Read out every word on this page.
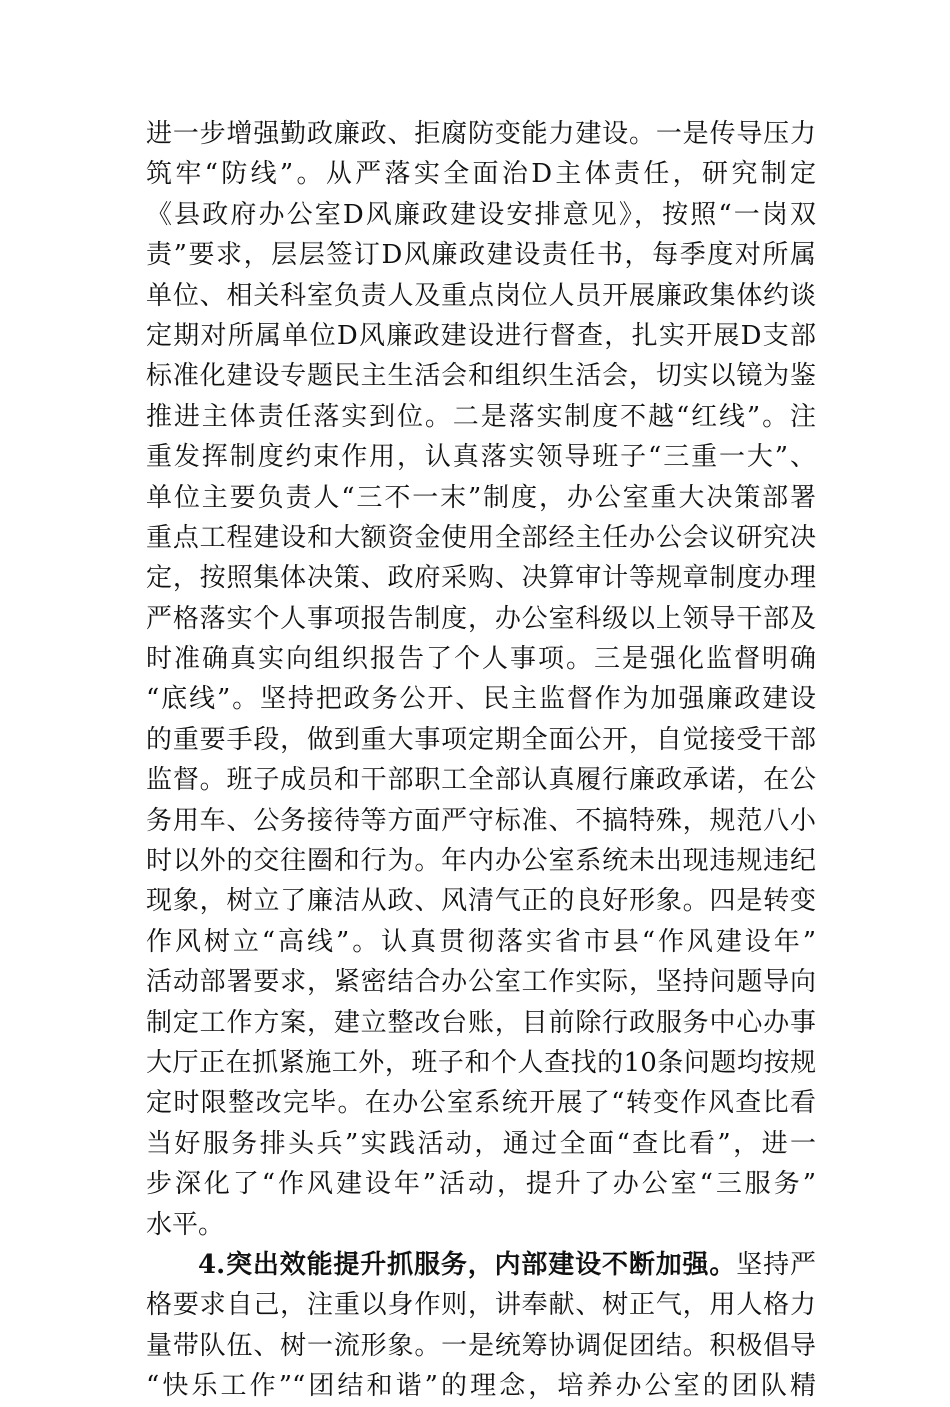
进一步增强勤政廉政、拒腐防变能力建设。一是传导压力
筑牢“防线”。从严落实全面治D主体责任，研究制定
《县政府办公室D风廉政建设安排意见》，按照“一岗双
责”要求，层层签订D风廉政建设责任书，每季度对所属
单位、相关科室负责人及重点岗位人员开展廉政集体约谈
定期对所属单位D风廉政建设进行督查，扎实开展D支部
标准化建设专题民主生活会和组织生活会，切实以镜为鉴
推进主体责任落实到位。二是落实制度不越“红线”。注
重发挥制度约束作用，认真落实领导班子“三重一大”、
单位主要负责人“三不一末”制度，办公室重大决策部署
重点工程建设和大额资金使用全部经主任办公会议研究决
定，按照集体决策、政府采购、决算审计等规章制度办理
严格落实个人事项报告制度，办公室科级以上领导干部及
时准确真实向组织报告了个人事项。三是强化监督明确
“底线”。坚持把政务公开、民主监督作为加强廉政建设
的重要手段，做到重大事项定期全面公开，自觉接受干部
监督。班子成员和干部职工全部认真履行廉政承诺，在公
务用车、公务接待等方面严守标准、不搞特殊，规范八小
时以外的交往圈和行为。年内办公室系统未出现违规违纪
现象，树立了廉洁从政、风清气正的良好形象。四是转变
作风树立“高线”。认真贯彻落实省市县“作风建设年”
活动部署要求，紧密结合办公室工作实际，坚持问题导向
制定工作方案，建立整改台账，目前除行政服务中心办事
大厅正在抓紧施工外，班子和个人查找的10条问题均按规
定时限整改完毕。在办公室系统开展了“转变作风查比看
当好服务排头兵”实践活动，通过全面“查比看”，进一
步深化了“作风建设年”活动，提升了办公室“三服务”
水平。
4.突出效能提升抓服务，内部建设不断加强。坚持严
格要求自己，注重以身作则，讲奉献、树正气，用人格力
量带队伍、树一流形象。一是统筹协调促团结。积极倡导
“快乐工作”“团结和谐”的理念，培养办公室的团队精
